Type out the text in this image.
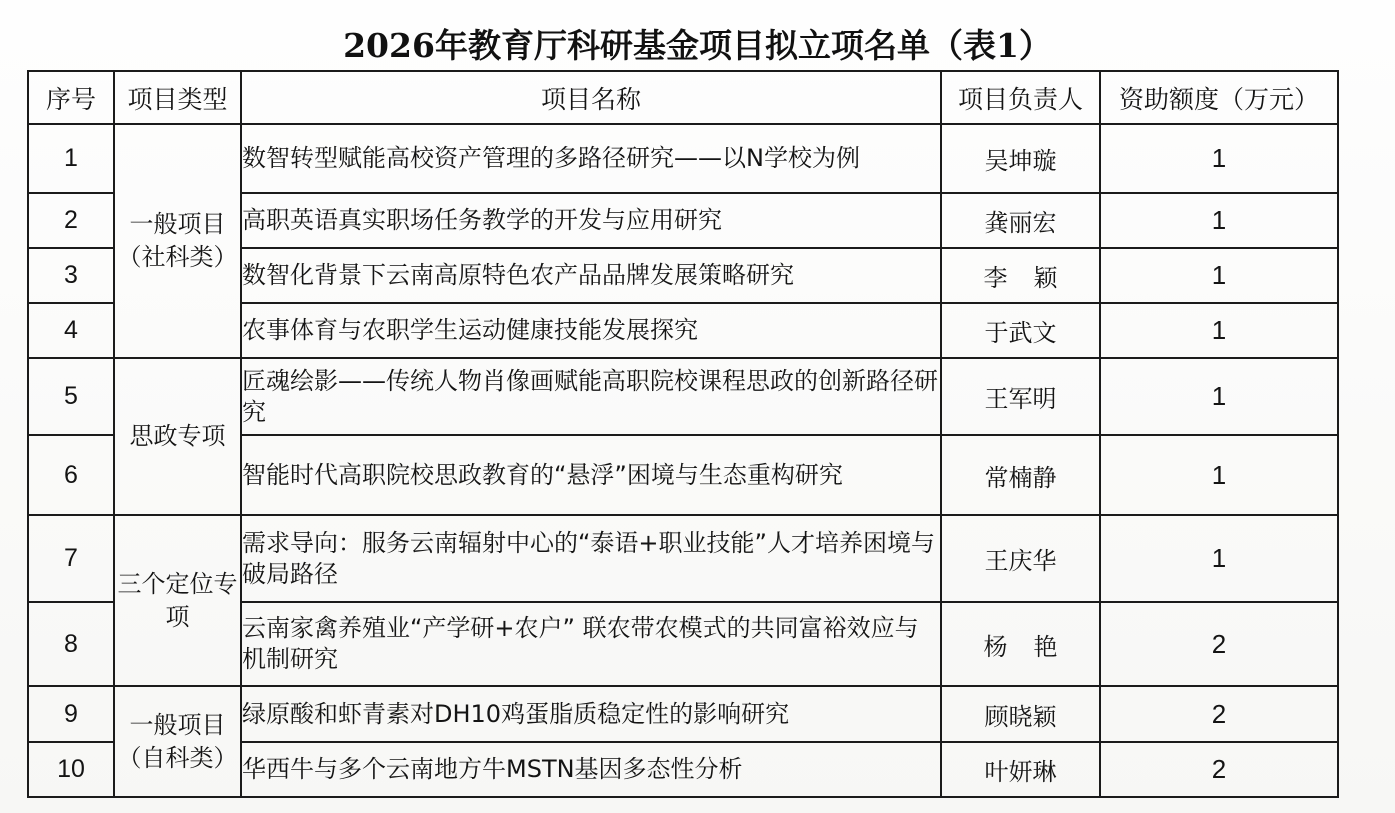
2026年教育厅科研基金项目拟立项名单（表1）
序号	项目类型	项目名称	项目负责人	资助额度（万元）
1	一般项目（社科类）	数智转型赋能高校资产管理的多路径研究——以N学校为例	吴坤璇	1
2		高职英语真实职场任务教学的开发与应用研究	龚丽宏	1
3		数智化背景下云南高原特色农产品品牌发展策略研究	李颖	1
4		农事体育与农职学生运动健康技能发展探究	于武文	1
5	思政专项	匠魂绘影——传统人物肖像画赋能高职院校课程思政的创新路径研究	王军明	1
6		智能时代高职院校思政教育的“悬浮”困境与生态重构研究	常楠静	1
7	三个定位专项	需求导向：服务云南辐射中心的“泰语+职业技能”人才培养困境与破局路径	王庆华	1
8		云南家禽养殖业“产学研+农户” 联农带农模式的共同富裕效应与机制研究	杨艳	2
9	一般项目（自科类）	绿原酸和虾青素对DH10鸡蛋脂质稳定性的影响研究	顾晓颖	2
10		华西牛与多个云南地方牛MSTN基因多态性分析	叶妍琳	2
